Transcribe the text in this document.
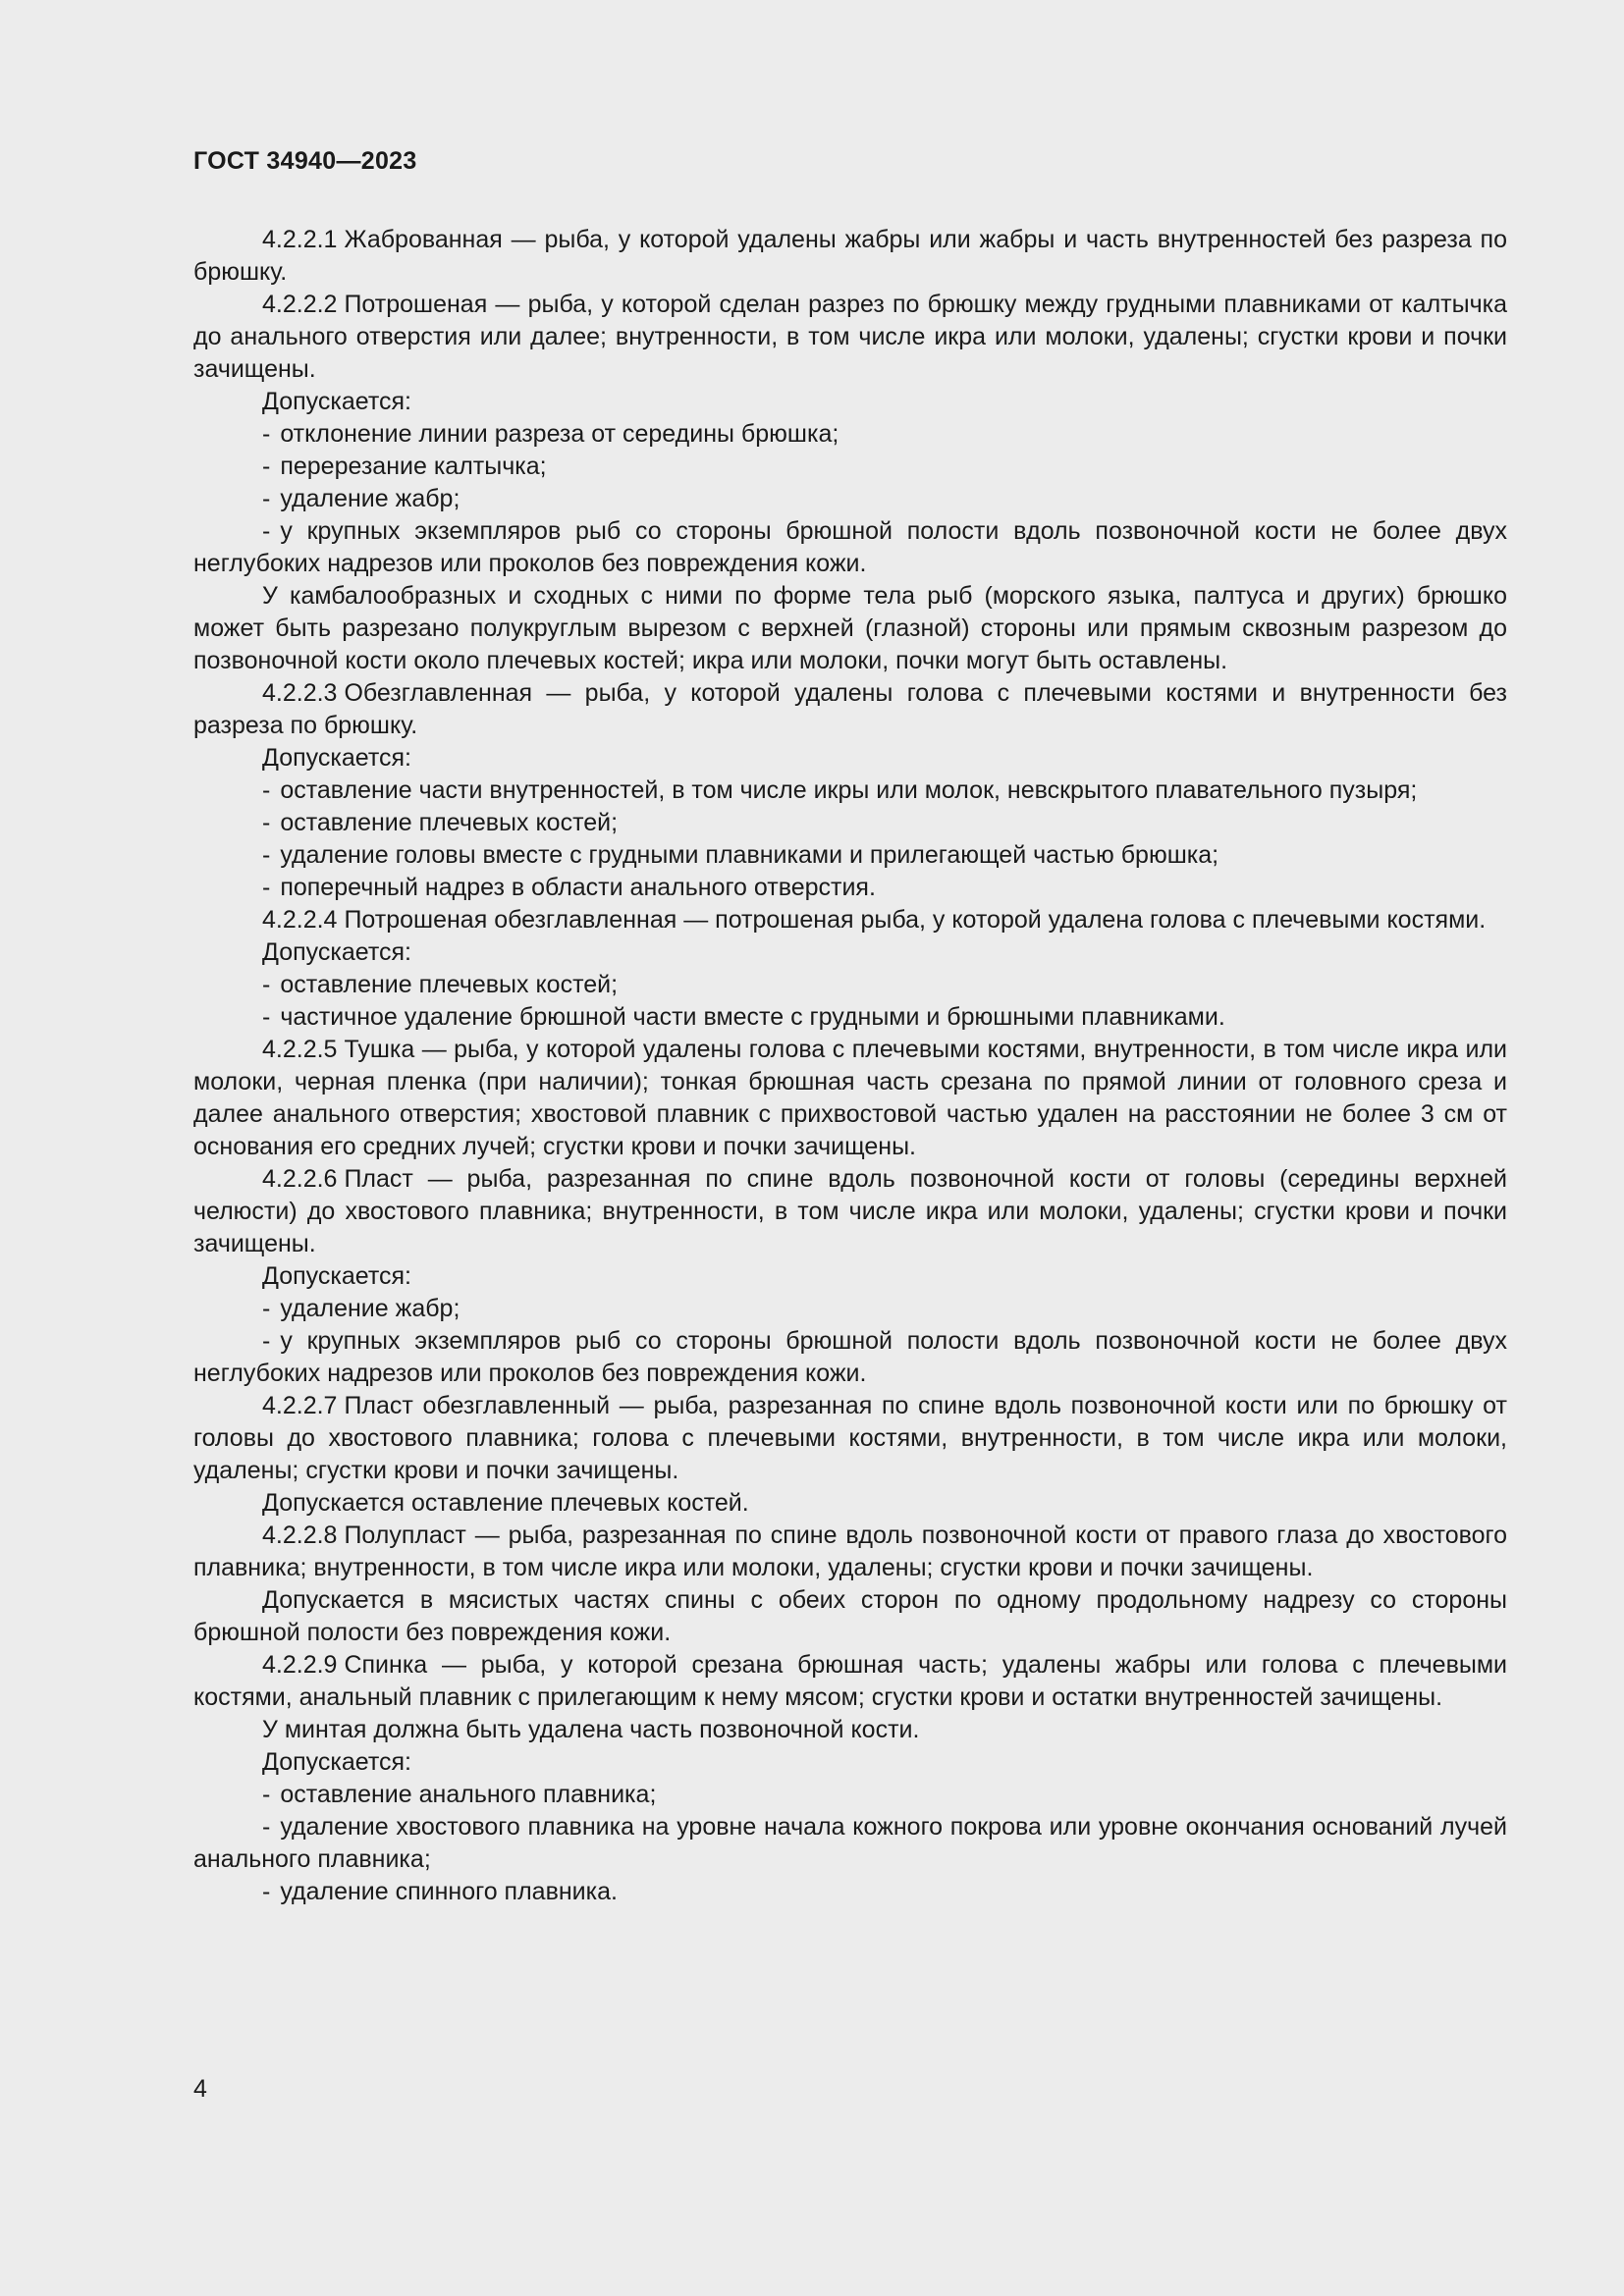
ГОСТ 34940—2023

4.2.2.1 Жаброванная — рыба, у которой удалены жабры или жабры и часть внутренностей без разреза по брюшку.

4.2.2.2 Потрошеная — рыба, у которой сделан разрез по брюшку между грудными плавниками от калтычка до анального отверстия или далее; внутренности, в том числе икра или молоки, удалены; сгустки крови и почки зачищены.

Допускается:

- отклонение линии разреза от середины брюшка;

- перерезание калтычка;

- удаление жабр;

- у крупных экземпляров рыб со стороны брюшной полости вдоль позвоночной кости не более двух неглубоких надрезов или проколов без повреждения кожи.

У камбалообразных и сходных с ними по форме тела рыб (морского языка, палтуса и других) брюшко может быть разрезано полукруглым вырезом с верхней (глазной) стороны или прямым сквозным разрезом до позвоночной кости около плечевых костей; икра или молоки, почки могут быть оставлены.

4.2.2.3 Обезглавленная — рыба, у которой удалены голова с плечевыми костями и внутренности без разреза по брюшку.

Допускается:

- оставление части внутренностей, в том числе икры или молок, невскрытого плавательного пузыря;

- оставление плечевых костей;

- удаление головы вместе с грудными плавниками и прилегающей частью брюшка;

- поперечный надрез в области анального отверстия.

4.2.2.4 Потрошеная обезглавленная — потрошеная рыба, у которой удалена голова с плечевыми костями.

Допускается:

- оставление плечевых костей;

- частичное удаление брюшной части вместе с грудными и брюшными плавниками.

4.2.2.5 Тушка — рыба, у которой удалены голова с плечевыми костями, внутренности, в том числе икра или молоки, черная пленка (при наличии); тонкая брюшная часть срезана по прямой линии от головного среза и далее анального отверстия; хвостовой плавник с прихвостовой частью удален на расстоянии не более 3 см от основания его средних лучей; сгустки крови и почки зачищены.

4.2.2.6 Пласт — рыба, разрезанная по спине вдоль позвоночной кости от головы (середины верхней челюсти) до хвостового плавника; внутренности, в том числе икра или молоки, удалены; сгустки крови и почки зачищены.

Допускается:

- удаление жабр;

- у крупных экземпляров рыб со стороны брюшной полости вдоль позвоночной кости не более двух неглубоких надрезов или проколов без повреждения кожи.

4.2.2.7 Пласт обезглавленный — рыба, разрезанная по спине вдоль позвоночной кости или по брюшку от головы до хвостового плавника; голова с плечевыми костями, внутренности, в том числе икра или молоки, удалены; сгустки крови и почки зачищены.

Допускается оставление плечевых костей.

4.2.2.8 Полупласт — рыба, разрезанная по спине вдоль позвоночной кости от правого глаза до хвостового плавника; внутренности, в том числе икра или молоки, удалены; сгустки крови и почки зачищены.

Допускается в мясистых частях спины с обеих сторон по одному продольному надрезу со стороны брюшной полости без повреждения кожи.

4.2.2.9 Спинка — рыба, у которой срезана брюшная часть; удалены жабры или голова с плечевыми костями, анальный плавник с прилегающим к нему мясом; сгустки крови и остатки внутренностей зачищены.

У минтая должна быть удалена часть позвоночной кости.

Допускается:

- оставление анального плавника;

- удаление хвостового плавника на уровне начала кожного покрова или уровне окончания оснований лучей анального плавника;

- удаление спинного плавника.

4
